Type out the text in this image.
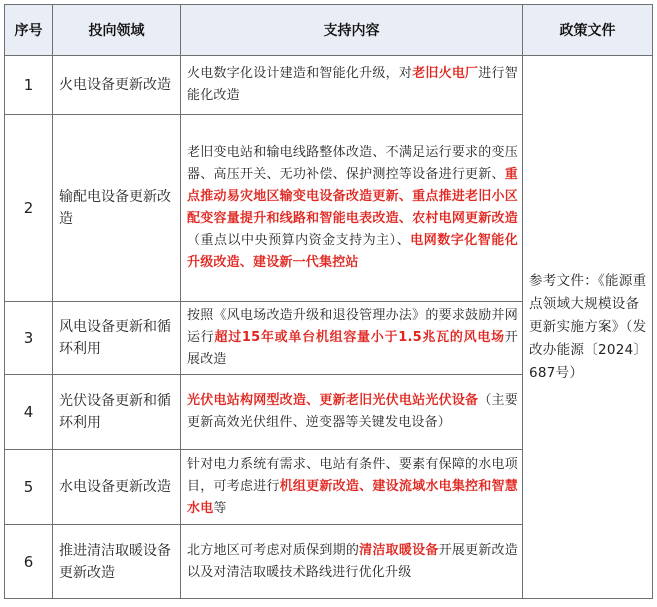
序号	投向领域	支持内容	政策文件
1	火电设备更新改造	火电数字化设计建造和智能化升级，对老旧火电厂进行智能化改造	参考文件：《能源重点领域大规模设备更新实施方案》（发改办能源〔2024〕687号）
2	输配电设备更新改造	老旧变电站和输电线路整体改造、不满足运行要求的变压器、高压开关、无功补偿、保护测控等设备进行更新、重点推动易灾地区输变电设备改造更新、重点推进老旧小区配变容量提升和线路和智能电表改造、农村电网更新改造（重点以中央预算内资金支持为主）、电网数字化智能化升级改造、建设新一代集控站	
3	风电设备更新和循环利用	按照《风电场改造升级和退役管理办法》的要求鼓励并网运行超过15年或单台机组容量小于1.5兆瓦的风电场开展改造	
4	光伏设备更新和循环利用	光伏电站构网型改造、更新老旧光伏电站光伏设备（主要更新高效光伏组件、逆变器等关键发电设备）	
5	水电设备更新改造	针对电力系统有需求、电站有条件、要素有保障的水电项目，可考虑进行机组更新改造、建设流域水电集控和智慧水电等	
6	推进清洁取暖设备更新改造	北方地区可考虑对质保到期的清洁取暖设备开展更新改造以及对清洁取暖技术路线进行优化升级	
